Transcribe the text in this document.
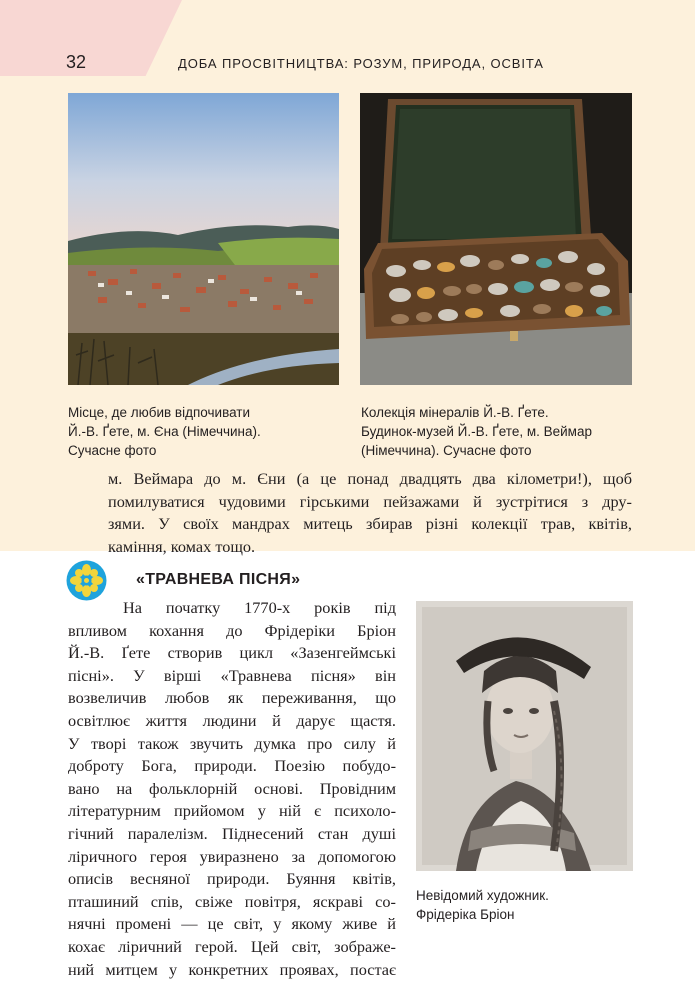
32	ДОБА ПРОСВІТНИЦТВА: РОЗУМ, ПРИРОДА, ОСВІТА
Місце, де любив відпочивати
Й.-В. Ґете, м. Єна (Німеччина).
Сучасне фото
Колекція мінералів Й.-В. Ґете.
Будинок-музей Й.-В. Ґете, м. Веймар
(Німеччина). Сучасне фото
м. Веймара до м. Єни (а це понад двадцять два кілометри!), щоб
помилуватися чудовими гірськими пейзажами й зустрітися з дру-
зями. У своїх мандрах митець збирав різні колекції трав, квітів,
каміння, комах тощо.
«ТРАВНЕВА ПІСНЯ»
На початку 1770-х років під
впливом кохання до Фрідеріки Бріон
Й.-В. Ґете створив цикл «Зазенгеймські
пісні». У вірші «Травнева пісня» він
возвеличив любов як переживання, що
освітлює життя людини й дарує щастя.
У творі також звучить думка про силу й
доброту Бога, природи. Поезію побудо-
вано на фольклорній основі. Провідним
літературним прийомом у ній є психоло-
гічний паралелізм. Піднесений стан душі
ліричного героя увиразнено за допомогою
описів весняної природи. Буяння квітів,
пташиний спів, свіже повітря, яскраві со-
нячні промені — це світ, у якому живе й
кохає ліричний герой. Цей світ, зображе-
ний митцем у конкретних проявах, постає
Невідомий художник.
Фрідеріка Бріон
